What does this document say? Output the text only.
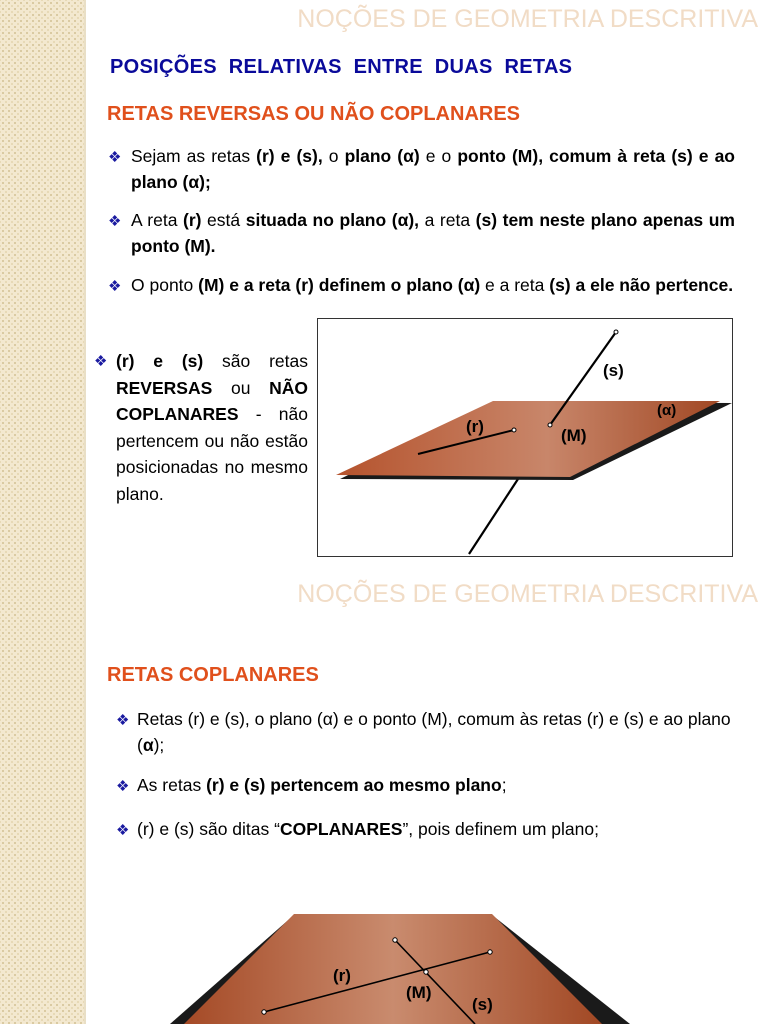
NOÇÕES DE GEOMETRIA DESCRITIVA
POSIÇÕES RELATIVAS ENTRE DUAS RETAS
RETAS REVERSAS OU NÃO COPLANARES
❖ Sejam as retas (r) e (s), o plano (α) e o ponto (M), comum à reta (s) e ao plano (α);
❖ A reta (r) está situada no plano (α), a reta (s) tem neste plano apenas um ponto (M).
❖ O ponto (M) e a reta (r) definem o plano (α) e a reta (s) a ele não pertence.
❖ (r) e (s) são retas REVERSAS ou NÃO COPLANARES - não pertencem ou não estão posicionadas no mesmo plano.
(s)
(r)	(M)
(α)
NOÇÕES DE GEOMETRIA DESCRITIVA
RETAS COPLANARES
❖ Retas (r) e (s), o plano (α) e o ponto (M), comum às retas (r) e (s) e ao plano (α);
❖ As retas (r) e (s) pertencem ao mesmo plano;
❖ (r) e (s) são ditas “COPLANARES”, pois definem um plano;
(r)
(M)
(s)
